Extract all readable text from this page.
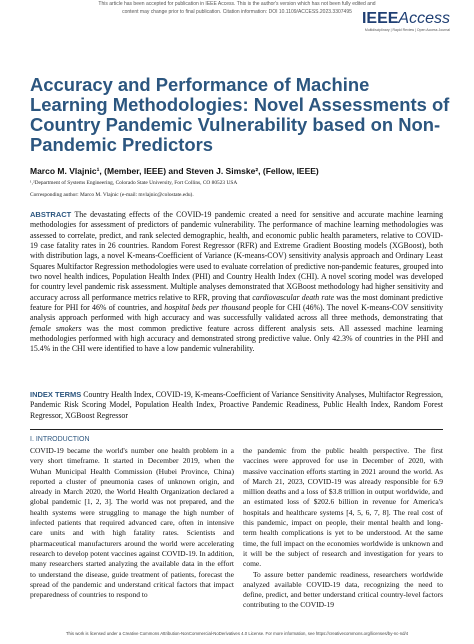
This article has been accepted for publication in IEEE Access. This is the author's version which has not been fully edited and
content may change prior to final publication. Citation information: DOI 10.1109/ACCESS.2023.3307495 IEEEAccess
Multidisciplinary | Rapid Review | Open Access Journal
Accuracy and Performance of Machine Learning Methodologies: Novel Assessments of Country Pandemic Vulnerability based on Non-Pandemic Predictors
Marco M. Vlajnic¹, (Member, IEEE) and Steven J. Simske², (Fellow, IEEE)
¹,²Department of Systems Engineering, Colorado State University, Fort Collins, CO 80523 USA
Corresponding author: Marco M. Vlajnic (e-mail: mvlajnic@colostate.edu).

ABSTRACT The devastating effects of the COVID-19 pandemic created a need for sensitive and accurate machine learning methodologies for assessment of predictors of pandemic vulnerability. The performance of machine learning methodologies was assessed to correlate, predict, and rank selected demographic, health, and economic public health parameters, relative to COVID-19 case fatality rates in 26 countries. Random Forest Regressor (RFR) and Extreme Gradient Boosting models (XGBoost), both with distribution lags, a novel K-means-Coefficient of Variance (K-means-COV) sensitivity analysis approach and Ordinary Least Squares Multifactor Regression methodologies were used to evaluate correlation of predictive non-pandemic features, grouped into two novel health indices, Population Health Index (PHI) and Country Health Index (CHI). A novel scoring model was developed for country level pandemic risk assessment. Multiple analyses demonstrated that XGBoost methodology had higher sensitivity and accuracy across all performance metrics relative to RFR, proving that cardiovascular death rate was the most dominant predictive feature for PHI for 46% of countries, and hospital beds per thousand people for CHI (46%). The novel K-means-COV sensitivity analysis approach performed with high accuracy and was successfully validated across all three methods, demonstrating that female smokers was the most common predictive feature across different analysis sets. All assessed machine learning methodologies performed with high accuracy and demonstrated strong predictive value. Only 42.3% of countries in the PHI and 15.4% in the CHI were identified to have a low pandemic vulnerability.

INDEX TERMS Country Health Index, COVID-19, K-means-Coefficient of Variance Sensitivity Analyses, Multifactor Regression, Pandemic Risk Scoring Model, Population Health Index, Proactive Pandemic Readiness, Public Health Index, Random Forest Regressor, XGBoost Regressor

I. INTRODUCTION

COVID-19 became the world's number one health problem in a very short timeframe. It started in December 2019, when the Wuhan Municipal Health Commission (Hubei Province, China) reported a cluster of pneumonia cases of unknown origin, and already in March 2020, the World Health Organization declared a global pandemic [1, 2, 3]. The world was not prepared, and the health systems were struggling to manage the high number of infected patients that required advanced care, often in intensive care units and with high fatality rates. Scientists and pharmaceutical manufacturers around the world were accelerating research to develop potent vaccines against COVID-19. In addition, many researchers started analyzing the available data in the effort to understand the disease, guide treatment of patients, forecast the spread of the pandemic and understand critical factors that impact preparedness of countries to respond to

the pandemic from the public health perspective. The first vaccines were approved for use in December of 2020, with massive vaccination efforts starting in 2021 around the world. As of March 21, 2023, COVID-19 was already responsible for 6.9 million deaths and a loss of $3.8 trillion in output worldwide, and an estimated loss of $202.6 billion in revenue for America's hospitals and healthcare systems [4, 5, 6, 7, 8]. The real cost of this pandemic, impact on people, their mental health and long-term health complications is yet to be understood. At the same time, the full impact on the economies worldwide is unknown and it will be the subject of research and investigation for years to come.

To assure better pandemic readiness, researchers worldwide analyzed available COVID-19 data, recognizing the need to define, predict, and better understand critical country-level factors contributing to the COVID-19

This work is licensed under a Creative Commons Attribution-NonCommercial-NoDerivatives 4.0 License. For more information, see https://creativecommons.org/licenses/by-nc-nd/4
